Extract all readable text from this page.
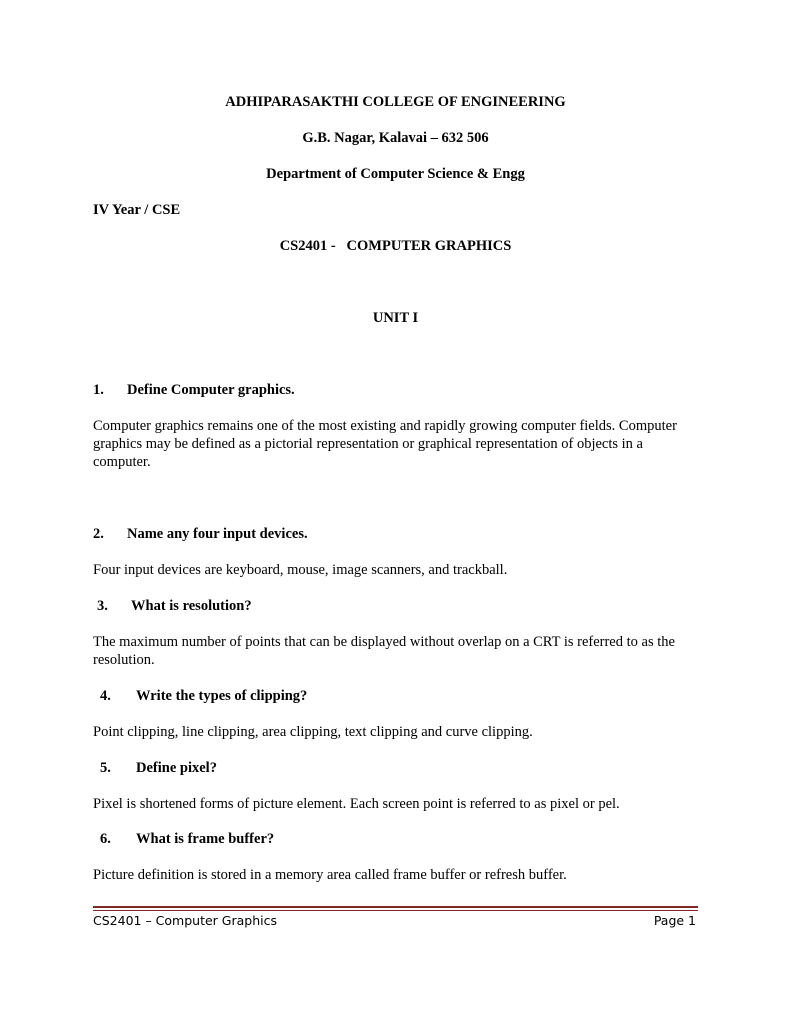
ADHIPARASAKTHI COLLEGE OF ENGINEERING
G.B. Nagar, Kalavai – 632 506
Department of Computer Science & Engg
IV Year / CSE
CS2401 -   COMPUTER GRAPHICS
UNIT I
1. Define Computer graphics.
Computer graphics remains one of the most existing and rapidly growing computer fields. Computer graphics may be defined as a pictorial representation or graphical representation of objects in a computer.
2. Name any four input devices.
Four input devices are keyboard, mouse, image scanners, and trackball.
3. What is resolution?
The maximum number of points that can be displayed without overlap on a CRT is referred to as the resolution.
4. Write the types of clipping?
Point clipping, line clipping, area clipping, text clipping and curve clipping.
5. Define pixel?
Pixel is shortened forms of picture element. Each screen point is referred to as pixel or pel.
6. What is frame buffer?
Picture definition is stored in a memory area called frame buffer or refresh buffer.
CS2401 – Computer Graphics	Page 1
